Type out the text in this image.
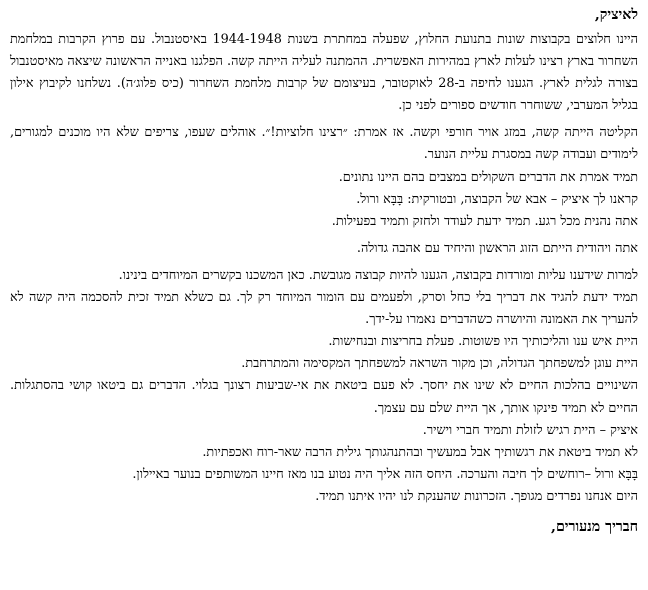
לאיציק,

היינו חלוצים בקבוצות שונות בתנועת החלוץ, שפעלה במחתרת בשנות 1944-1948 באיסטנבול. עם פרוץ הקרבות במלחמת השחרור בארץ רצינו לעלות לארץ במהירות האפשרית. ההמתנה לעליה הייתה קשה. הפלגנו באנייה הראשונה שיצאה מאיסטנבול בצורה לגלית לארץ. הגענו לחיפה ב-28 לאוקטובר, בעיצומם של קרבות מלחמת השחרור (כיס פלוג׳ה). נשלחנו לקיבוץ אילון בגליל המערבי, ששוחרר חודשים ספורים לפני כן.

הקליטה הייתה קשה, במזג אויר חורפי וקשה. אז אמרת: ״רצינו חלוציות!״. אוהלים שעפו, צריפים שלא היו מוכנים למגורים, לימודים ועבודה קשה במסגרת עליית הנוער.

תמיד אמרת את הדברים השקולים במצבים בהם היינו נתונים.

קראנו לך איציק – אבא של הקבוצה, ובטורקית: בָּבָּא ורול.

אתה נהנית מכל רגע. תמיד ידעת לעודד ולחזק ותמיד בפעילות.

אתה ויהודית הייתם הזוג הראשון והיחיד עם אהבה גדולה.

למרות שידענו עליות ומורדות בקבוצה, הגענו להיות קבוצה מגובשת. כאן המשכנו בקשרים המיוחדים בינינו.

תמיד ידעת להגיד את דבריך בלי כחל וסרק, ולפעמים עם הומור המיוחד רק לך. גם כשלא תמיד זכית להסכמה היה קשה לא להעריך את האמונה והיושרה כשהדברים נאמרו על-ידך.

היית איש ענו והליכותיך היו פשוטות. פעלת בחריצות ובנחישות.

היית עוגן למשפחתך הגדולה, וכן מקור השראה למשפחתך המקסימה והמתרחבת.

השינויים בהלכות החיים לא שינו את יחסך. לא פעם ביטאת את אי-שביעות רצונך בגלוי. הדברים גם ביטאו קושי בהסתגלות. החיים לא תמיד פינקו אותך, אך היית שלם עם עצמך.

איציק – היית רגיש לזולת ותמיד חברי וישיר.

לא תמיד ביטאת את רגשותיך אבל במעשיך ובהתנהגותך גילית הרבה שאר-רוח ואכפתיות.

בָּבָּא ורול –רוחשים לך חיבה והערכה. היחס הזה אליך היה נטוע בנו מאז חיינו המשותפים בנוער באיילון.

היום אנחנו נפרדים מגופך. הזכרונות שהענקת לנו יהיו איתנו תמיד.

חבריך מנעורים,
